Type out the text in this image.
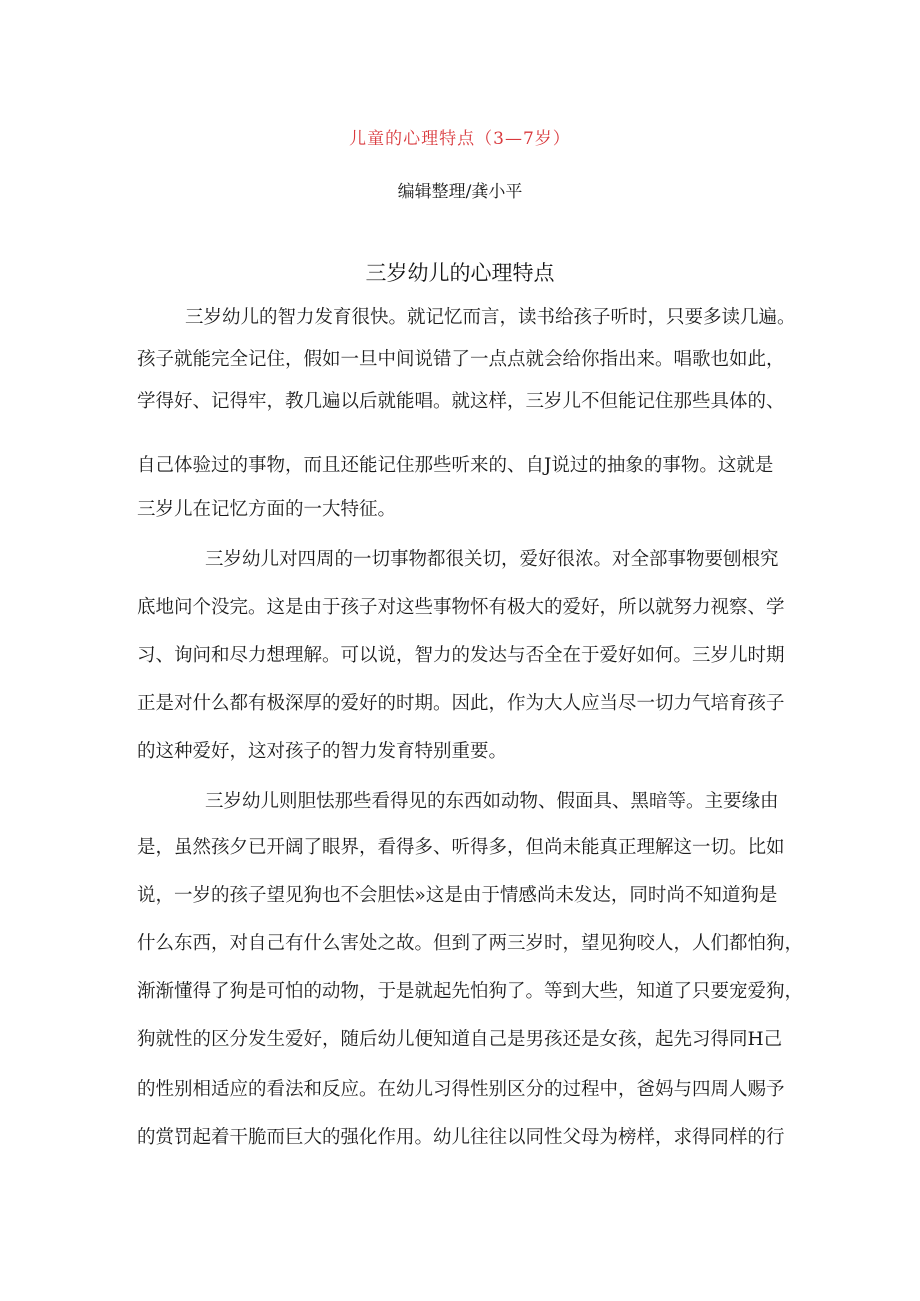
儿童的心理特点（3—7岁）
编辑整理/龚小平
三岁幼儿的心理特点
三岁幼儿的智力发育很快。就记忆而言，读书给孩子听时，只要多读几遍。
孩子就能完全记住，假如一旦中间说错了一点点就会给你指出来。唱歌也如此，
学得好、记得牢，教几遍以后就能唱。就这样，三岁儿不但能记住那些具体的、
自己体验过的事物，而且还能记住那些听来的、自J说过的抽象的事物。这就是
三岁儿在记忆方面的一大特征。
三岁幼儿对四周的一切事物都很关切，爱好很浓。对全部事物要刨根究
底地问个没完。这是由于孩子对这些事物怀有极大的爱好，所以就努力视察、学
习、询问和尽力想理解。可以说，智力的发达与否全在于爱好如何。三岁儿时期
正是对什么都有极深厚的爱好的时期。因此，作为大人应当尽一切力气培育孩子
的这种爱好，这对孩子的智力发育特别重要。
三岁幼儿则胆怯那些看得见的东西如动物、假面具、黑暗等。主要缘由
是，虽然孩夕已开阔了眼界，看得多、听得多，但尚未能真正理解这一切。比如
说，一岁的孩子望见狗也不会胆怯»这是由于情感尚未发达，同时尚不知道狗是
什么东西，对自己有什么害处之故。但到了两三岁时，望见狗咬人，人们都怕狗，
渐渐懂得了狗是可怕的动物，于是就起先怕狗了。等到大些，知道了只要宠爱狗，
狗就性的区分发生爱好，随后幼儿便知道自己是男孩还是女孩，起先习得同H己
的性别相适应的看法和反应。在幼儿习得性别区分的过程中，爸妈与四周人赐予
的赏罚起着干脆而巨大的强化作用。幼儿往往以同性父母为榜样，求得同样的行
